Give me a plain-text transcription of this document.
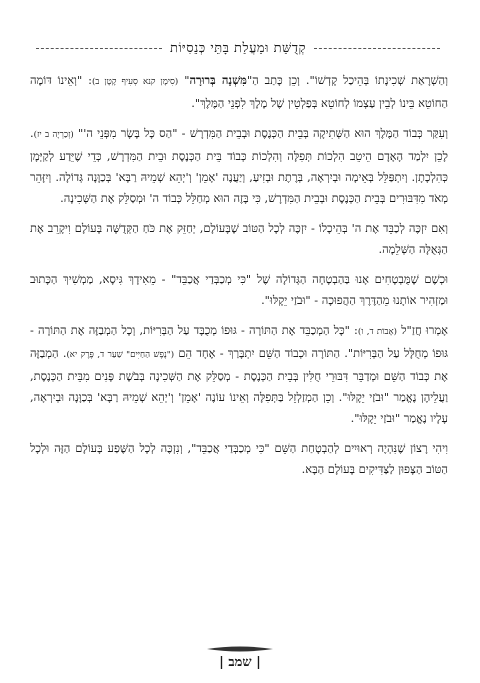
קְדֻשַּׁת וּמַעֲלַת בָּתֵּי כְּנֵסִיּוֹת

וְהַשְׁרָאַת שְׁכִינָתוֹ בְּהֵיכַל קָדְשׁוֹ". וְכֵן כָּתַב הַ"מִּשְׁנָה בְּרוּרָה" (סִימָן קנא סְעִיף קָטָן ב): "וְאֵינוֹ דּוֹמֶה הַחוֹטֵא בֵּינוֹ לְבֵין עַצְמוֹ לְחוֹטֵא בְּפַלְטֵין שֶׁל מֶלֶךְ לִפְנֵי הַמֶּלֶךְ".

וְעִקַּר כְּבוֹד הַמֶּלֶךְ הוּא הַשְּׁתִיקָה בְּבֵית הַכְּנֶסֶת וּבְבֵית הַמִּדְרָשׁ - "הַס כָּל בָּשָׂר מִפְּנֵי ה'" (זְכַרְיָה ב יז). לָכֵן יִלְמַד הָאָדָם הֵיטֵב הִלְכוֹת תְּפִלָּה וְהִלְכוֹת כְּבוֹד בֵּית הַכְּנֶסֶת וּבֵית הַמִּדְרָשׁ, כְּדֵי שֶׁיֵּדַע לְקַיְּמָן כְּהִלְכָתָן. וְיִתְפַּלֵּל בְּאֵימָה וּבְיִרְאָה, בְּרֶתֶת וּבְזִיעַ, וְיַעֲנֶה 'אָמֵן' וְ'יְהֵא שְׁמֵיהּ רַבָּא' בְּכַוָּנָה גְּדוֹלָה. וְיִזָּהֵר מְאֹד מִדִּבּוּרִים בְּבֵית הַכְּנֶסֶת וּבְבֵית הַמִּדְרָשׁ, כִּי בָּזֶה הוּא מְחַלֵּל כְּבוֹד ה' וּמְסַלֵּק אֶת הַשְּׁכִינָה.

וְאִם יִזְכֶּה לְכַבֵּד אֶת ה' בְּהֵיכָלוֹ - יִזְכֶּה לְכָל הַטּוֹב שֶׁבָּעוֹלָם, יְחַזֵּק אֶת כֹּחַ הַקְּדֻשָּׁה בָּעוֹלָם וִיקָרֵב אֶת הַגְּאֻלָּה הַשְּׁלֵמָה.

וּכְשֶׁם שֶׁמֻּבְטָחִים אָנוּ בַּהַבְטָחָה הַגְּדוֹלָה שֶׁל "כִּי מְכַבְּדַי אֲכַבֵּד" - מֵאִידָךְ גִּיסָא, מַמְשִׁיךְ הַכָּתוּב וּמַזְהִיר אוֹתָנוּ מֵהַדֶּרֶךְ הַהֲפוּכָה - "וּבֹזַי יֵקָלּוּ".

אָמְרוּ חֲזַ"ל (אָבוֹת ד, ו): "כָּל הַמְכַבֵּד אֶת הַתּוֹרָה - גּוּפוֹ מְכֻבָּד עַל הַבְּרִיּוֹת, וְכָל הַמְבַזֶּה אֶת הַתּוֹרָה - גּוּפוֹ מְחֻלָּל עַל הַבְּרִיּוֹת". הַתּוֹרָה וּכְבוֹד הַשֵּׁם יִתְבָּרַךְ - אֶחָד הֵם ("נֶפֶשׁ הַחַיִּים" שַׁעַר ד, פֶּרֶק יא). הַמְבַזֶּה אֶת כְּבוֹד הַשֵּׁם וּמְדַבֵּר דִּבּוּרֵי חֻלִּין בְּבֵית הַכְּנֶסֶת - מְסַלֵּק אֶת הַשְּׁכִינָה בְּבֹשֶׁת פָּנִים מִבֵּית הַכְּנֶסֶת, וַעֲלֵיהֶן נֶאֱמַר "וּבֹזַי יֵקָלּוּ". וְכֵן הַמְזַלְזֵל בַּתְּפִלָּה וְאֵינוֹ עוֹנֶה 'אָמֵן' וְ'יְהֵא שְׁמֵיהּ רַבָּא' בְּכַוָּנָה וּבְיִרְאָה, עָלָיו נֶאֱמַר "וּבֹזַי יֵקָלּוּ".

וִיהִי רָצוֹן שֶׁנִּהְיֶה רְאוּיִים לְהַבְטָחַת הַשֵּׁם "כִּי מְכַבְּדַי אֲכַבֵּד", וְנִזְכֶּה לְכָל הַשֶּׁפַע בָּעוֹלָם הַזֶּה וּלְכָל הַטּוֹב הַצָּפוּן לַצַּדִּיקִים בָּעוֹלָם הַבָּא.

| שמב |
